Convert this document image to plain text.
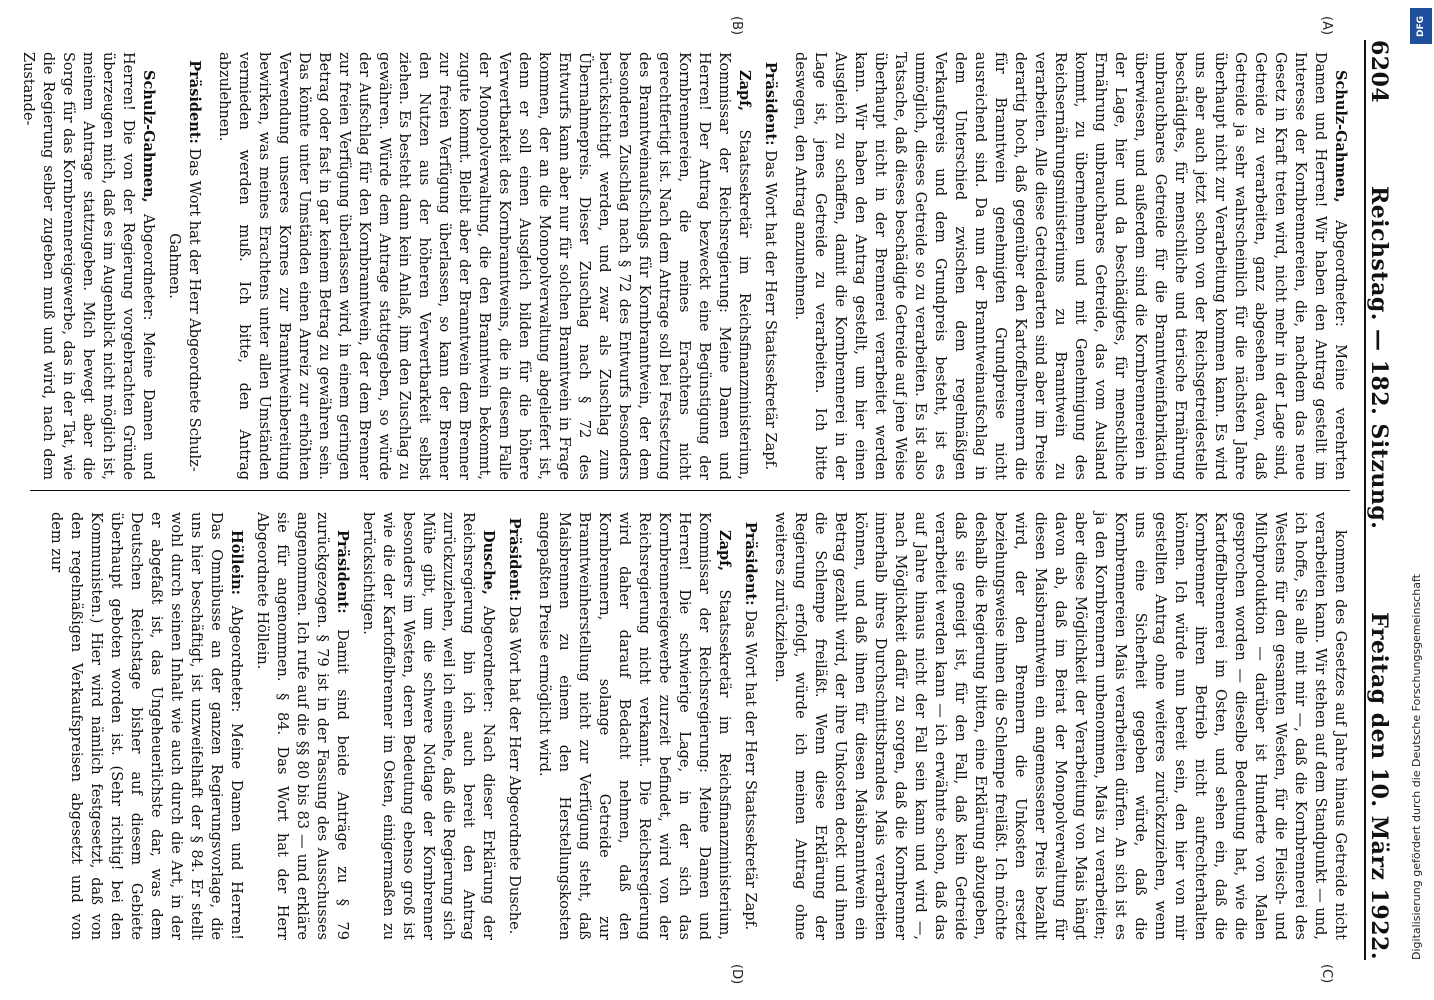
6204
Reichstag. — 182. Sitzung.
Freitag den 10. März 1922.
(A)
(B)
(C)
(D)

Schulz-Gahmen, Abgeordneter: Meine verehrten Damen und Herren! Wir haben den Antrag gestellt im Interesse der Kornbrennereien, die, nachdem das neue Gesetz in Kraft treten wird, nicht mehr in der Lage sind, Getreide zu verarbeiten, ganz abgesehen davon, daß Getreide ja sehr wahrscheinlich für die nächsten Jahre überhaupt nicht zur Verarbeitung kommen kann. Es wird uns aber auch jetzt schon von der Reichsgetreidestelle beschädigtes, für menschliche und tierische Ernährung unbrauchbares Getreide für die Branntweinfabrikation überwiesen, und außerdem sind die Kornbrennereien in der Lage, hier und da beschädigtes, für menschliche Ernährung unbrauchbares Getreide, das vom Ausland kommt, zu übernehmen und mit Genehmigung des Reichsernährungsministeriums zu Branntwein zu verarbeiten. Alle diese Getreidearten sind aber im Preise derartig hoch, daß gegenüber den Kartoffelbrennern die für Branntwein genehmigten Grundpreise nicht ausreichend sind. Da nun der Branntweinaufschlag in dem Unterschied zwischen dem regelmäßigen Verkaufspreis und dem Grundpreis besteht, ist es unmöglich, dieses Getreide so zu verarbeiten. Es ist also Tatsache, daß dieses beschädigte Getreide auf jene Weise überhaupt nicht in der Brennerei verarbeitet werden kann. Wir haben den Antrag gestellt, um hier einen Ausgleich zu schaffen, damit die Kornbrennerei in der Lage ist, jenes Getreide zu verarbeiten. Ich bitte deswegen, den Antrag anzunehmen.

Präsident: Das Wort hat der Herr Staatssekretär Zapf.

Zapf, Staatssekretär im Reichsfinanzministerium, Kommissar der Reichsregierung: Meine Damen und Herren! Der Antrag bezweckt eine Begünstigung der Kornbrennereien, die meines Erachtens nicht gerechtfertigt ist. Nach dem Antrage soll bei Festsetzung des Branntweinaufschlags für Kornbranntwein, der dem besonderen Zuschlag nach § 72 des Entwurfs besonders berücksichtigt werden, und zwar als Zuschlag zum Übernahmepreis. Dieser Zuschlag nach § 72 des Entwurfs kann aber nur für solchen Branntwein in Frage kommen, der an die Monopolverwaltung abgeliefert ist, denn er soll einen Ausgleich bilden für die höhere Verwertbarkeit des Kornbranntweins, die in diesem Falle der Monopolverwaltung, die den Branntwein bekommt, zugute kommt. Bleibt aber der Branntwein dem Brenner zur freien Verfügung überlassen, so kann der Brenner den Nutzen aus der höheren Verwertbarkeit selbst ziehen. Es besteht dann kein Anlaß, ihm den Zuschlag zu gewähren. Würde dem Antrage stattgegeben, so würde der Aufschlag für den Kornbranntwein, der dem Brenner zur freien Verfügung überlassen wird, in einem geringen Betrag oder fast in gar keinem Betrag zu gewähren sein. Das könnte unter Umständen einen Anreiz zur erhöhten Verwendung unseres Kornes zur Branntweinbereitung bewirken, was meines Erachtens unter allen Umständen vermieden werden muß. Ich bitte, den Antrag abzulehnen.

Präsident: Das Wort hat der Herr Abgeordnete Schulz-Gahmen.

Schulz-Gahmen, Abgeordneter: Meine Damen und Herren! Die von der Regierung vorgebrachten Gründe überzeugen mich, daß es im Augenblick nicht möglich ist, meinem Antrage stattzugeben. Mich bewegt aber die Sorge für das Kornbrennereigewerbe, das in der Tat, wie die Regierung selber zugeben muß und wird, nach dem Zustande-

kommen des Gesetzes auf Jahre hinaus Getreide nicht verarbeiten kann. Wir stehen auf dem Standpunkt — und, ich hoffe, Sie alle mit mir —, daß die Kornbrennerei des Westens für den gesamten Westen, für die Fleisch- und Milchproduktion — darüber ist Hunderte von Malen gesprochen worden — dieselbe Bedeutung hat, wie die Kartoffelbrennerei im Osten, und sehen ein, daß die Kornbrenner ihren Betrieb nicht aufrechterhalten können. Ich würde nun bereit sein, den hier von mir gestellten Antrag ohne weiteres zurückzuziehen, wenn uns eine Sicherheit gegeben würde, daß die Kornbrennereien Mais verarbeiten dürfen. An sich ist es ja den Kornbrennern unbenommen, Mais zu verarbeiten; aber diese Möglichkeit der Verarbeitung von Mais hängt davon ab, daß im Beirat der Monopolverwaltung für diesen Maisbranntwein ein angemessener Preis bezahlt wird, der den Brennern die Unkosten ersetzt beziehungsweise ihnen die Schlempe freiläßt. Ich möchte deshalb die Regierung bitten, eine Erklärung abzugeben, daß sie geneigt ist, für den Fall, daß kein Getreide verarbeitet werden kann — ich erwähnte schon, daß das auf Jahre hinaus nicht der Fall sein kann und wird —, nach Möglichkeit dafür zu sorgen, daß die Kornbrenner innerhalb ihres Durchschnittsbrandes Mais verarbeiten können, und daß ihnen für diesen Maisbranntwein ein Betrag gezahlt wird, der ihre Unkosten deckt und ihnen die Schlempe freiläßt. Wenn diese Erklärung der Regierung erfolgt, würde ich meinen Antrag ohne weiteres zurückziehen.

Präsident: Das Wort hat der Herr Staatssekretär Zapf.

Zapf, Staatssekretär im Reichsfinanzministerium, Kommissar der Reichsregierung: Meine Damen und Herren! Die schwierige Lage, in der sich das Kornbrennereigewerbe zurzeit befindet, wird von der Reichsregierung nicht verkannt. Die Reichsregierung wird daher darauf Bedacht nehmen, daß den Kornbrennern, solange Getreide zur Branntweinherstellung nicht zur Verfügung steht, daß Maisbrennen zu einem den Herstellungskosten angepaßten Preise ermöglicht wird.

Präsident: Das Wort hat der Herr Abgeordnete Dusche.

Dusche, Abgeordneter: Nach dieser Erklärung der Reichsregierung bin ich auch bereit den Antrag zurückzuziehen, weil ich einsehe, daß die Regierung sich Mühe gibt, um die schwere Notlage der Kornbrenner besonders im Westen, deren Bedeutung ebenso groß ist wie die der Kartoffelbrenner im Osten, einigermaßen zu berücksichtigen.

Präsident: Damit sind beide Anträge zu § 79 zurückgezogen. § 79 ist in der Fassung des Ausschusses angenommen. Ich rufe auf die §§ 80 bis 83 — und erkläre sie für angenommen. § 84. Das Wort hat der Herr Abgeordnete Höllein.

Höllein: Abgeordneter: Meine Damen und Herren! Das Omnibusse an der ganzen Regierungsvorlage, die uns hier beschäftigt, ist unzweifelhaft der § 84. Er stellt wohl durch seinen Inhalt wie auch durch die Art, in der er abgefaßt ist, das Ungeheuerlichste dar, was dem Deutschen Reichstage bisher auf diesem Gebiete überhaupt geboten worden ist. (Sehr richtig! bei den Kommunisten.) Hier wird nämlich festgesetzt, daß von den regelmäßigen Verkaufspreisen abgesetzt und von dem zur

Digitalisierung gefördert durch die Deutsche Forschungsgemeinschaft
DFG
